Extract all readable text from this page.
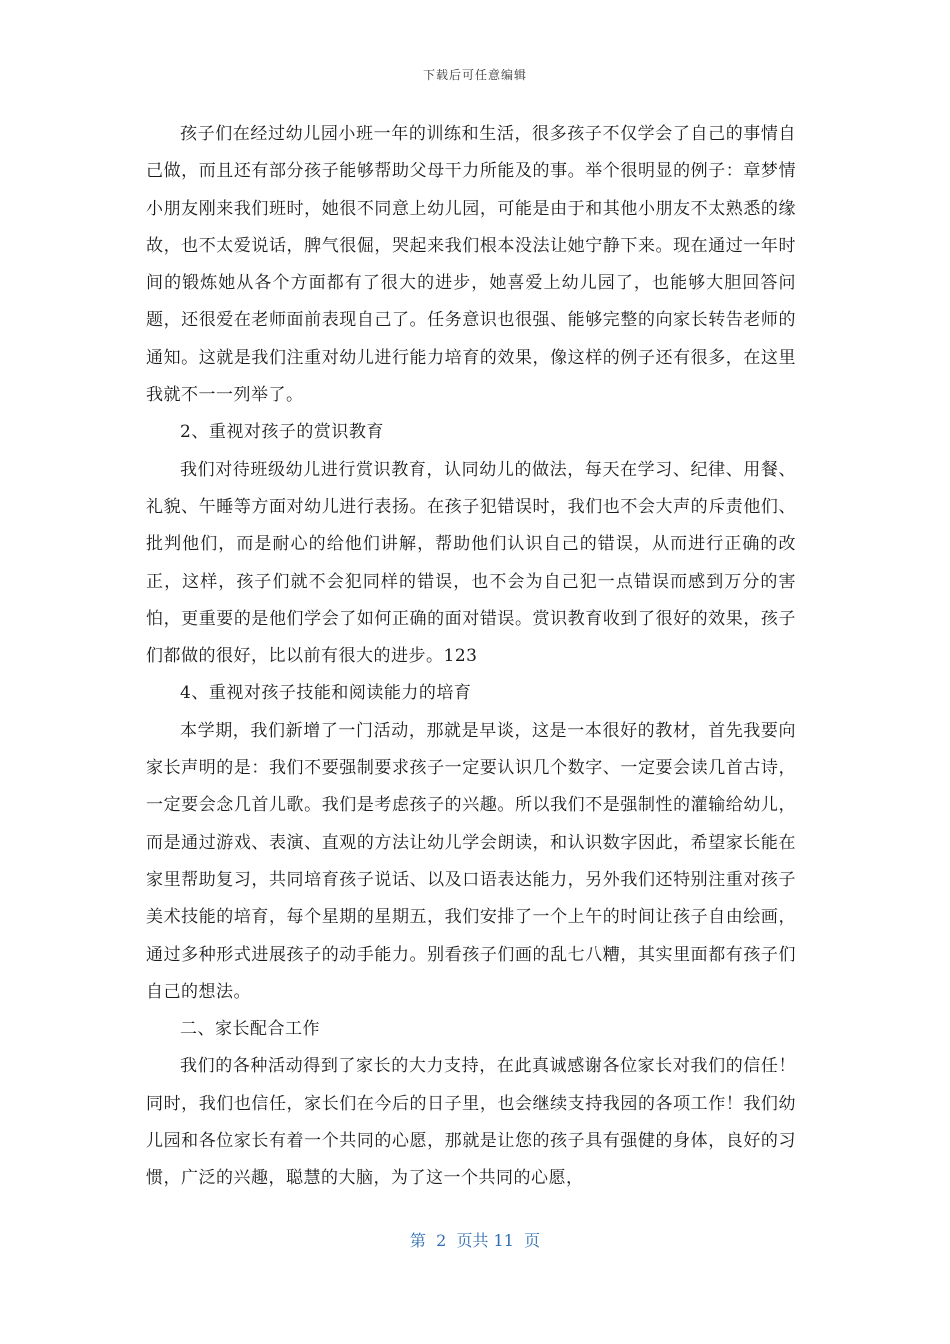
下载后可任意编辑

孩子们在经过幼儿园小班一年的训练和生活，很多孩子不仅学会了自己的事情自己做，而且还有部分孩子能够帮助父母干力所能及的事。举个很明显的例子：章梦情小朋友刚来我们班时，她很不同意上幼儿园，可能是由于和其他小朋友不太熟悉的缘故，也不太爱说话，脾气很倔，哭起来我们根本没法让她宁静下来。现在通过一年时间的锻炼她从各个方面都有了很大的进步，她喜爱上幼儿园了，也能够大胆回答问题，还很爱在老师面前表现自己了。任务意识也很强、能够完整的向家长转告老师的通知。这就是我们注重对幼儿进行能力培育的效果，像这样的例子还有很多，在这里我就不一一列举了。

2、重视对孩子的赏识教育

我们对待班级幼儿进行赏识教育，认同幼儿的做法，每天在学习、纪律、用餐、礼貌、午睡等方面对幼儿进行表扬。在孩子犯错误时，我们也不会大声的斥责他们、批判他们，而是耐心的给他们讲解，帮助他们认识自己的错误，从而进行正确的改正，这样，孩子们就不会犯同样的错误，也不会为自己犯一点错误而感到万分的害怕，更重要的是他们学会了如何正确的面对错误。赏识教育收到了很好的效果，孩子们都做的很好，比以前有很大的进步。123

4、重视对孩子技能和阅读能力的培育

本学期，我们新增了一门活动，那就是早谈，这是一本很好的教材，首先我要向家长声明的是：我们不要强制要求孩子一定要认识几个数字、一定要会读几首古诗，一定要会念几首儿歌。我们是考虑孩子的兴趣。所以我们不是强制性的灌输给幼儿，而是通过游戏、表演、直观的方法让幼儿学会朗读，和认识数字因此，希望家长能在家里帮助复习，共同培育孩子说话、以及口语表达能力，另外我们还特别注重对孩子美术技能的培育，每个星期的星期五，我们安排了一个上午的时间让孩子自由绘画，通过多种形式进展孩子的动手能力。别看孩子们画的乱七八糟，其实里面都有孩子们自己的想法。

二、家长配合工作

我们的各种活动得到了家长的大力支持，在此真诚感谢各位家长对我们的信任！同时，我们也信任，家长们在今后的日子里，也会继续支持我园的各项工作！我们幼儿园和各位家长有着一个共同的心愿，那就是让您的孩子具有强健的身体，良好的习惯，广泛的兴趣，聪慧的大脑，为了这一个共同的心愿，

第  2  页共 11  页
